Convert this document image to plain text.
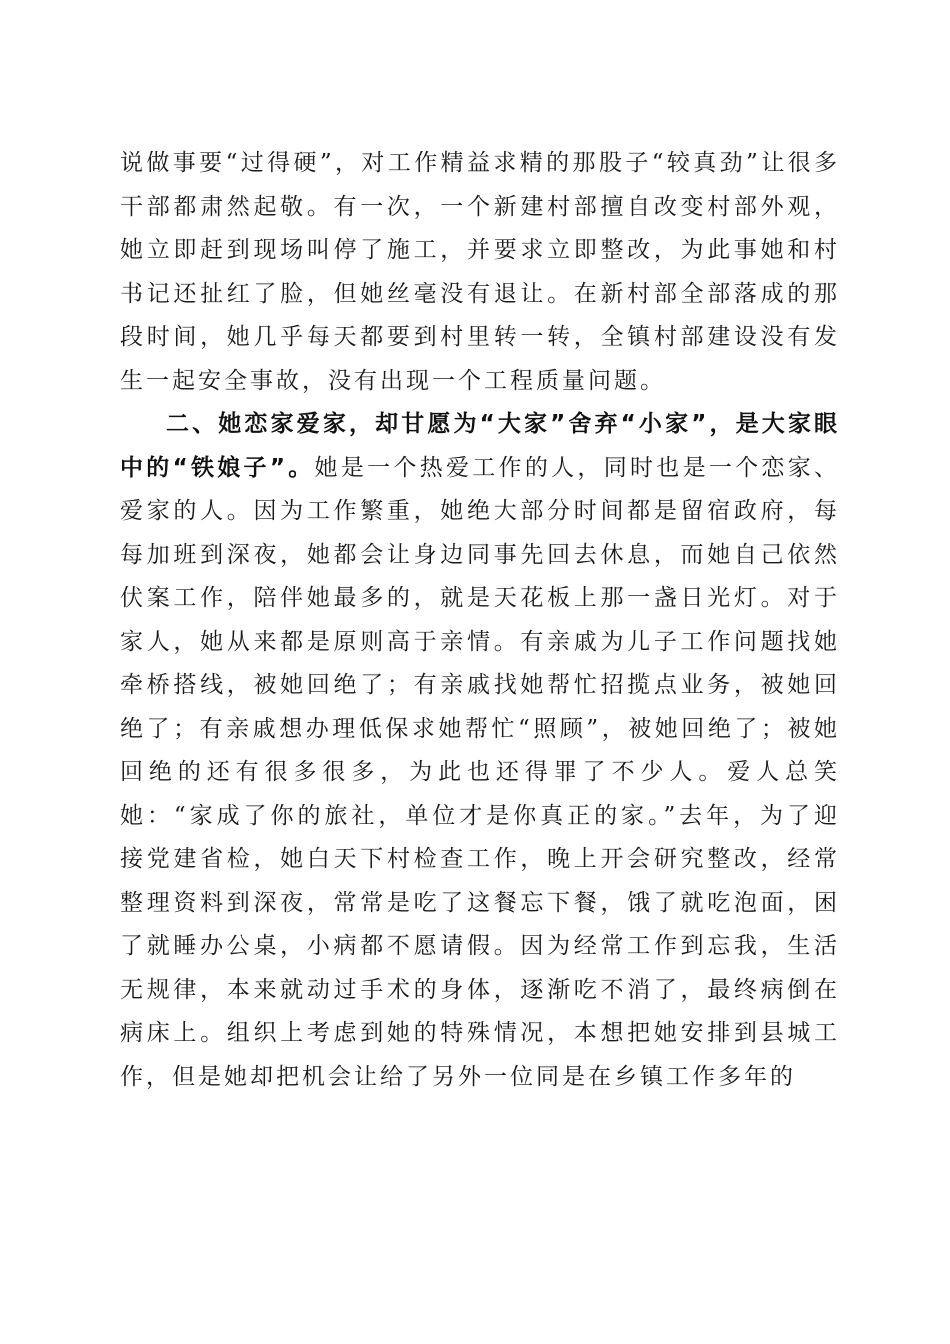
说做事要“过得硬”，对工作精益求精的那股子“较真劲”让很多干部都肃然起敬。有一次，一个新建村部擅自改变村部外观，她立即赶到现场叫停了施工，并要求立即整改，为此事她和村书记还扯红了脸，但她丝毫没有退让。在新村部全部落成的那段时间，她几乎每天都要到村里转一转，全镇村部建设没有发生一起安全事故，没有出现一个工程质量问题。

二、她恋家爱家，却甘愿为“大家”舍弃“小家”，是大家眼中的“铁娘子”。她是一个热爱工作的人，同时也是一个恋家、爱家的人。因为工作繁重，她绝大部分时间都是留宿政府，每每加班到深夜，她都会让身边同事先回去休息，而她自己依然伏案工作，陪伴她最多的，就是天花板上那一盏日光灯。对于家人，她从来都是原则高于亲情。有亲戚为儿子工作问题找她牵桥搭线，被她回绝了；有亲戚找她帮忙招揽点业务，被她回绝了；有亲戚想办理低保求她帮忙“照顾”，被她回绝了；被她回绝的还有很多很多，为此也还得罪了不少人。爱人总笑她：“家成了你的旅社，单位才是你真正的家。”去年，为了迎接党建省检，她白天下村检查工作，晚上开会研究整改，经常整理资料到深夜，常常是吃了这餐忘下餐，饿了就吃泡面，困了就睡办公桌，小病都不愿请假。因为经常工作到忘我，生活无规律，本来就动过手术的身体，逐渐吃不消了，最终病倒在病床上。组织上考虑到她的特殊情况，本想把她安排到县城工作，但是她却把机会让给了另外一位同是在乡镇工作多年的
